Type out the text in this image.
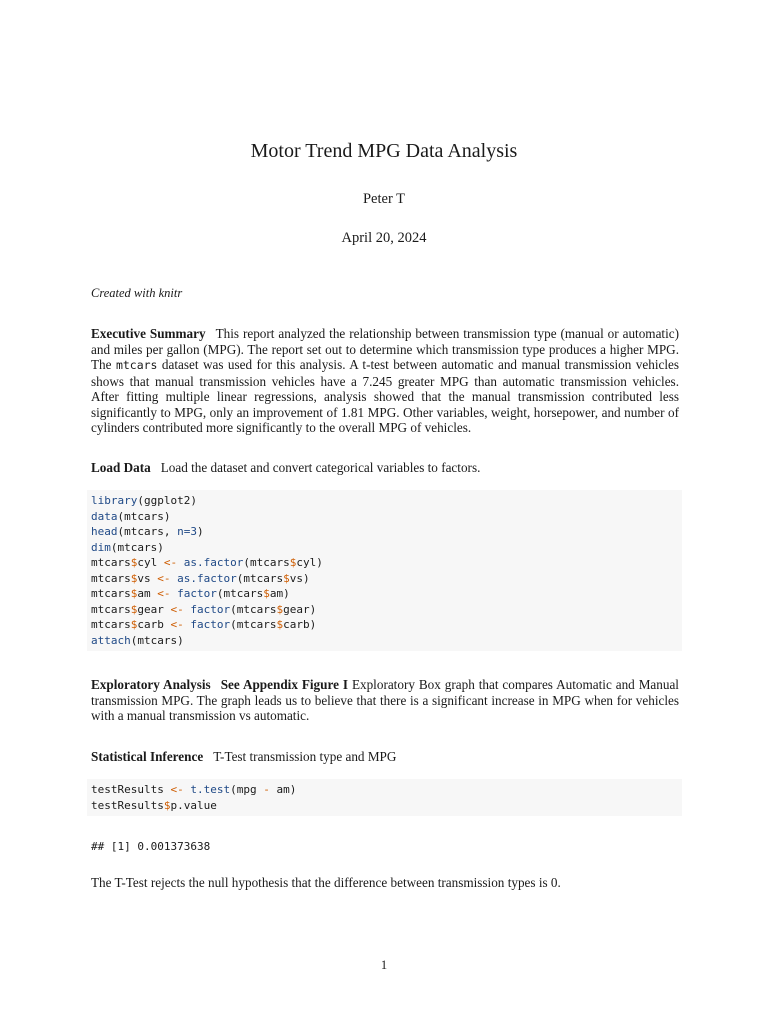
Motor Trend MPG Data Analysis
Peter T
April 20, 2024
Created with knitr

Executive Summary This report analyzed the relationship between transmission type (manual or automatic) and miles per gallon (MPG). The report set out to determine which transmission type produces a higher MPG. The mtcars dataset was used for this analysis. A t-test between automatic and manual transmission vehicles shows that manual transmission vehicles have a 7.245 greater MPG than automatic transmission vehicles. After fitting multiple linear regressions, analysis showed that the manual transmission contributed less significantly to MPG, only an improvement of 1.81 MPG. Other variables, weight, horsepower, and number of cylinders contributed more significantly to the overall MPG of vehicles.

Load Data Load the dataset and convert categorical variables to factors.

library(ggplot2)
data(mtcars)
head(mtcars, n=3)
dim(mtcars)
mtcars$cyl <- as.factor(mtcars$cyl)
mtcars$vs <- as.factor(mtcars$vs)
mtcars$am <- factor(mtcars$am)
mtcars$gear <- factor(mtcars$gear)
mtcars$carb <- factor(mtcars$carb)
attach(mtcars)

Exploratory Analysis See Appendix Figure I Exploratory Box graph that compares Automatic and Manual transmission MPG. The graph leads us to believe that there is a significant increase in MPG when for vehicles with a manual transmission vs automatic.

Statistical Inference T-Test transmission type and MPG

testResults <- t.test(mpg - am)
testResults$p.value
## [1] 0.001373638

The T-Test rejects the null hypothesis that the difference between transmission types is 0.

1
